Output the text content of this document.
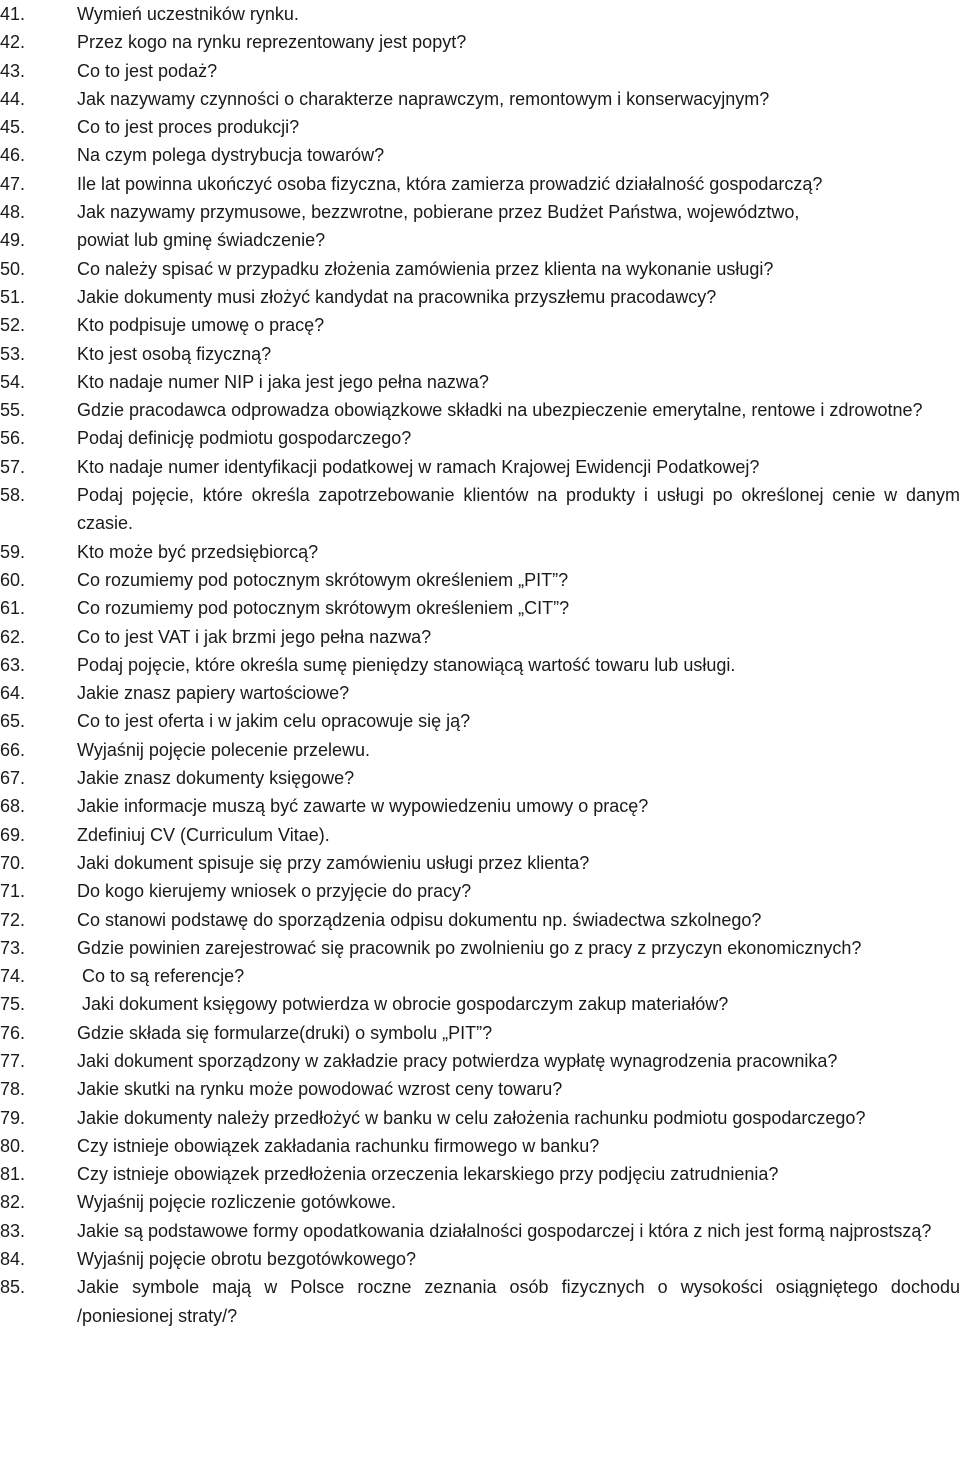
41.	Wymień uczestników rynku.
42.	Przez kogo na rynku reprezentowany jest popyt?
43.	Co to jest podaż?
44.	Jak nazywamy czynności o charakterze naprawczym, remontowym i konserwacyjnym?
45.	Co to jest proces produkcji?
46.	Na czym polega dystrybucja towarów?
47.	Ile lat powinna ukończyć osoba fizyczna, która zamierza prowadzić działalność gospodarczą?
48.	Jak nazywamy przymusowe, bezzwrotne, pobierane przez Budżet Państwa, województwo,
49.	powiat lub gminę świadczenie?
50.	Co należy spisać w przypadku złożenia zamówienia przez klienta na wykonanie usługi?
51.	Jakie dokumenty musi złożyć kandydat na pracownika przyszłemu pracodawcy?
52.	Kto podpisuje umowę o pracę?
53.	Kto jest osobą fizyczną?
54.	Kto nadaje numer NIP i jaka jest jego pełna nazwa?
55.	Gdzie pracodawca odprowadza obowiązkowe składki na ubezpieczenie emerytalne, rentowe i zdrowotne?
56.	Podaj definicję podmiotu gospodarczego?
57.	Kto nadaje numer identyfikacji podatkowej w ramach Krajowej Ewidencji Podatkowej?
58.	Podaj pojęcie, które określa zapotrzebowanie klientów na produkty i usługi po określonej cenie w danym czasie.
59.	Kto może być przedsiębiorcą?
60.	Co rozumiemy pod potocznym skrótowym określeniem „PIT”?
61.	Co rozumiemy pod potocznym skrótowym określeniem „CIT”?
62.	Co to jest VAT i jak brzmi jego pełna nazwa?
63.	Podaj pojęcie, które określa sumę pieniędzy stanowiącą wartość towaru lub usługi.
64.	Jakie znasz papiery wartościowe?
65.	Co to jest oferta i w jakim celu opracowuje się ją?
66.	Wyjaśnij pojęcie polecenie przelewu.
67.	Jakie znasz dokumenty księgowe?
68.	Jakie informacje muszą być zawarte w wypowiedzeniu umowy o pracę?
69.	Zdefiniuj CV (Curriculum Vitae).
70.	Jaki dokument spisuje się przy zamówieniu usługi przez klienta?
71.	Do kogo kierujemy wniosek o przyjęcie do pracy?
72.	Co stanowi podstawę do sporządzenia odpisu dokumentu np. świadectwa szkolnego?
73.	Gdzie powinien zarejestrować się pracownik po zwolnieniu go z pracy z przyczyn ekonomicznych?
74.	Co to są referencje?
75.	Jaki dokument księgowy potwierdza w obrocie gospodarczym zakup materiałów?
76.	Gdzie składa się formularze(druki) o symbolu „PIT”?
77.	Jaki dokument sporządzony w zakładzie pracy potwierdza wypłatę wynagrodzenia pracownika?
78.	Jakie skutki na rynku może powodować wzrost ceny towaru?
79.	Jakie dokumenty należy przedłożyć w banku w celu założenia rachunku podmiotu gospodarczego?
80.	Czy istnieje obowiązek zakładania rachunku firmowego w banku?
81.	Czy istnieje obowiązek przedłożenia orzeczenia lekarskiego przy podjęciu zatrudnienia?
82.	Wyjaśnij pojęcie rozliczenie gotówkowe.
83.	Jakie są podstawowe formy opodatkowania działalności gospodarczej i która z nich jest formą najprostszą?
84.	Wyjaśnij pojęcie obrotu bezgotówkowego?
85.	Jakie symbole mają w Polsce roczne zeznania osób fizycznych o wysokości osiągniętego dochodu /poniesionej straty/?
